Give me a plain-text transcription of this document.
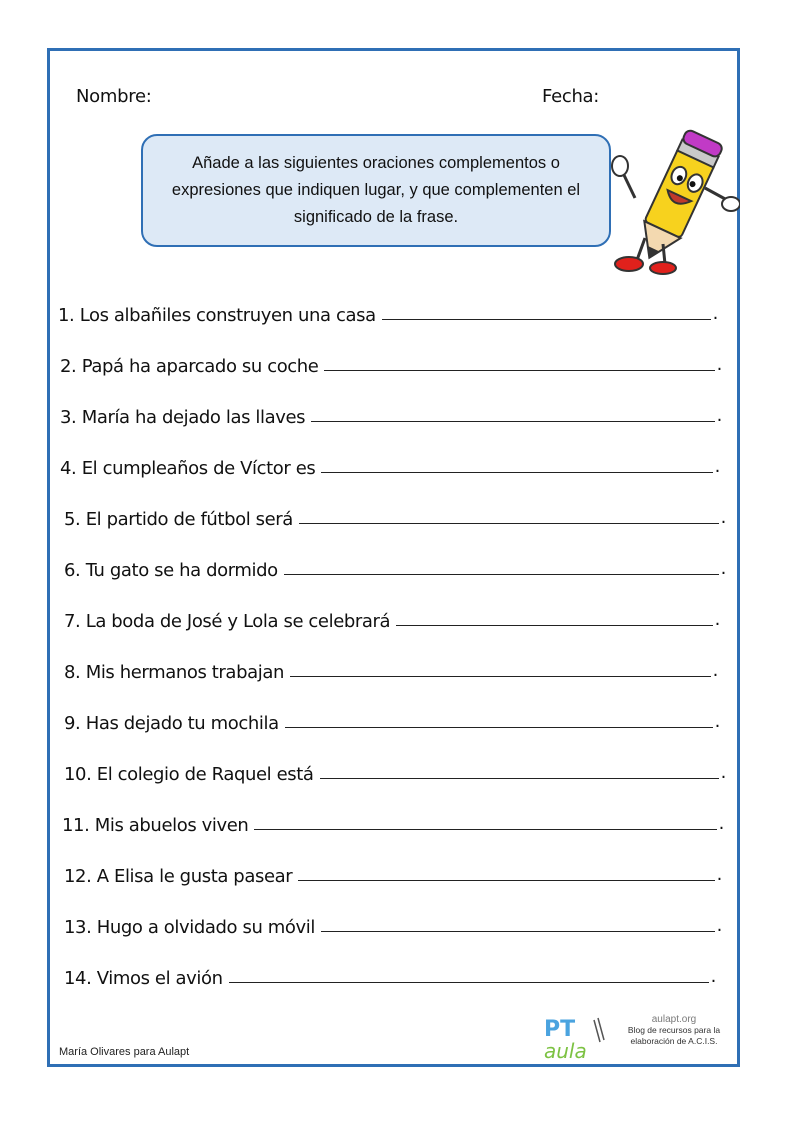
Nombre:	Fecha:
Añade a las siguientes oraciones complementos o expresiones que indiquen lugar, y que complementen el significado de la frase.
1. Los albañiles construyen una casa	.
2. Papá ha aparcado su coche	.
3. María ha dejado las llaves	.
4. El cumpleaños de Víctor es	.
5. El partido de fútbol será	.
6. Tu gato se ha dormido	.
7. La boda de José y Lola se celebrará	.
8. Mis hermanos trabajan	.
9. Has dejado tu mochila	.
10. El colegio de Raquel está	.
11. Mis abuelos viven	.
12. A Elisa le gusta pasear	.
13. Hugo a olvidado su móvil	.
14. Vimos el avión	.
María Olivares para Aulapt
PT
aula
aulapt.org
Blog de recursos para la
elaboración de A.C.I.S.
